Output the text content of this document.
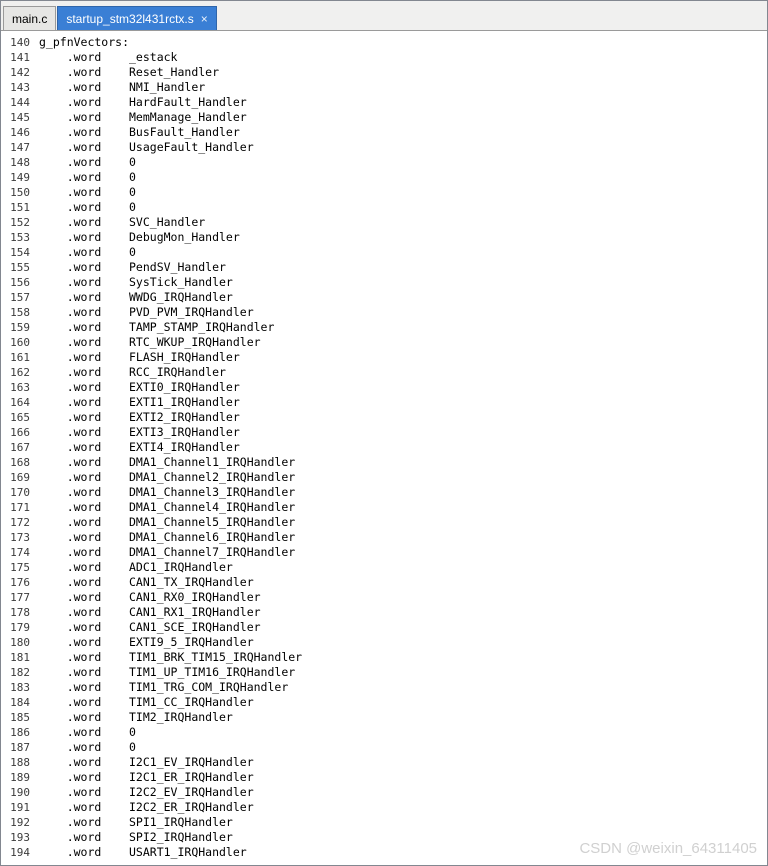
main.c startup_stm32l431rctx.s ×
140
141
142
143
144
145
146
147
148
149
150
151
152
153
154
155
156
157
158
159
160
161
162
163
164
165
166
167
168
169
170
171
172
173
174
175
176
177
178
179
180
181
182
183
184
185
186
187
188
189
190
191
192
193
194
g_pfnVectors:
.word    _estack
.word    Reset_Handler
.word    NMI_Handler
.word    HardFault_Handler
.word    MemManage_Handler
.word    BusFault_Handler
.word    UsageFault_Handler
.word    0
.word    0
.word    0
.word    0
.word    SVC_Handler
.word    DebugMon_Handler
.word    0
.word    PendSV_Handler
.word    SysTick_Handler
.word    WWDG_IRQHandler
.word    PVD_PVM_IRQHandler
.word    TAMP_STAMP_IRQHandler
.word    RTC_WKUP_IRQHandler
.word    FLASH_IRQHandler
.word    RCC_IRQHandler
.word    EXTI0_IRQHandler
.word    EXTI1_IRQHandler
.word    EXTI2_IRQHandler
.word    EXTI3_IRQHandler
.word    EXTI4_IRQHandler
.word    DMA1_Channel1_IRQHandler
.word    DMA1_Channel2_IRQHandler
.word    DMA1_Channel3_IRQHandler
.word    DMA1_Channel4_IRQHandler
.word    DMA1_Channel5_IRQHandler
.word    DMA1_Channel6_IRQHandler
.word    DMA1_Channel7_IRQHandler
.word    ADC1_IRQHandler
.word    CAN1_TX_IRQHandler
.word    CAN1_RX0_IRQHandler
.word    CAN1_RX1_IRQHandler
.word    CAN1_SCE_IRQHandler
.word    EXTI9_5_IRQHandler
.word    TIM1_BRK_TIM15_IRQHandler
.word    TIM1_UP_TIM16_IRQHandler
.word    TIM1_TRG_COM_IRQHandler
.word    TIM1_CC_IRQHandler
.word    TIM2_IRQHandler
.word    0
.word    0
.word    I2C1_EV_IRQHandler
.word    I2C1_ER_IRQHandler
.word    I2C2_EV_IRQHandler
.word    I2C2_ER_IRQHandler
.word    SPI1_IRQHandler
.word    SPI2_IRQHandler
.word    USART1_IRQHandler	CSDN @weixin_64311405
